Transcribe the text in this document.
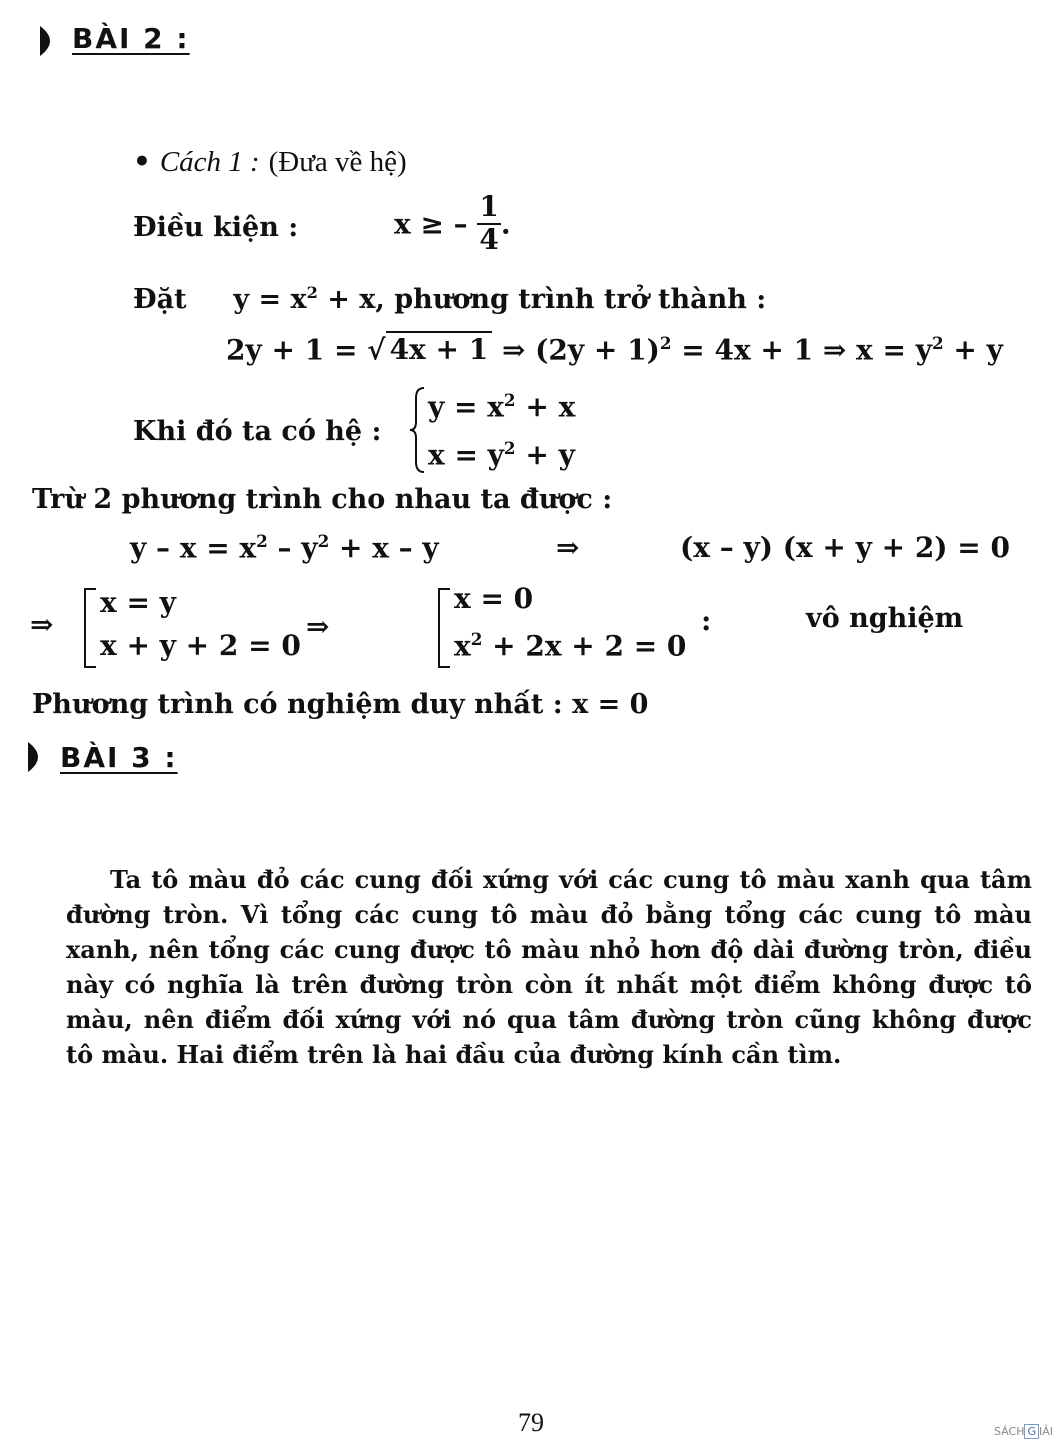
BÀI 2 :
• Cách 1 : (Đưa về hệ)
Điều kiện :	x ≥ – $\frac{1}{4}$ .
Đặt $y = x^2 + x$, phương trình trở thành :
2y + 1 = √ 4x + 1 ⇒ $(2y + 1)^2 = 4x + 1$ ⇒ $x = y^2 + y$
Khi đó ta có hệ :
$y = x^2 + x$
$x = y^2 + y$
Trừ 2 phương trình cho nhau ta được :
$y - x = x^2 - y^2 + x - y$	⇒	(x – y) (x + y + 2) = 0
⇒
x = y
x + y + 2 = 0
⇒
x = 0
$x^2 + 2x + 2 = 0$
:	vô nghiệm
Phương trình có nghiệm duy nhất : x = 0
BÀI 3 :
Ta tô màu đỏ các cung đối xứng với các cung tô màu xanh qua tâm đường tròn. Vì tổng các cung tô màu đỏ bằng tổng các cung tô màu xanh, nên tổng các cung được tô màu nhỏ hơn độ dài đường tròn, điều này có nghĩa là trên đường tròn còn ít nhất một điểm không được tô màu, nên điểm đối xứng với nó qua tâm đường tròn cũng không được tô màu. Hai điểm trên là hai đầu của đường kính cần tìm.
79	SÁCH G IẢI
